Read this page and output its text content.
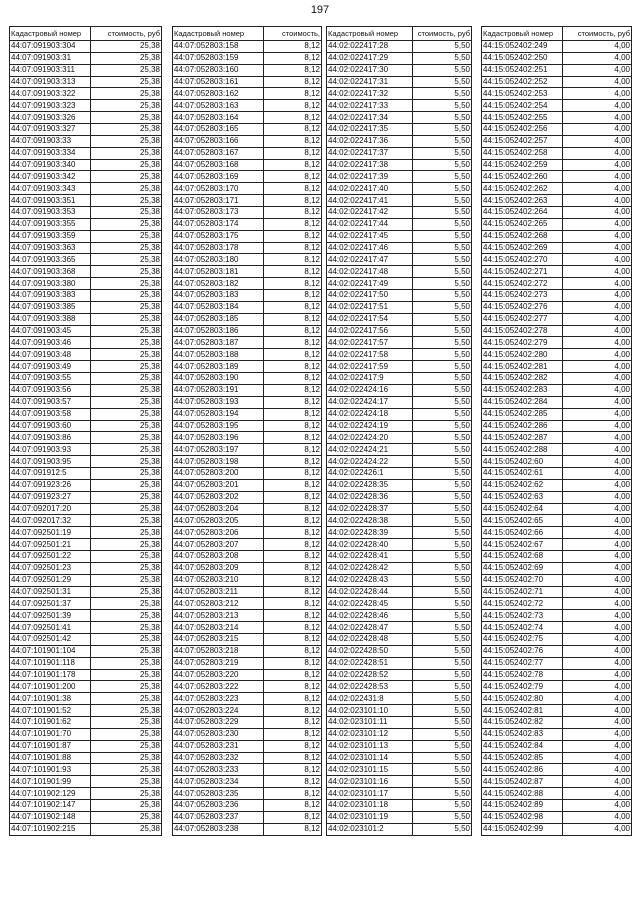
197
Кадастровый номер	стоимость, руб
44:07:091903:304	25,38
44:07:091903:31	25,38
44:07:091903:311	25,38
44:07:091903:313	25,38
44:07:091903:322	25,38
44:07:091903:323	25,38
44:07:091903:326	25,38
44:07:091903:327	25,38
44:07:091903:33	25,38
44:07:091903:334	25,38
44:07:091903:340	25,38
44:07:091903:342	25,38
44:07:091903:343	25,38
44:07:091903:351	25,38
44:07:091903:353	25,38
44:07:091903:355	25,38
44:07:091903:359	25,38
44:07:091903:363	25,38
44:07:091903:365	25,38
44:07:091903:368	25,38
44:07:091903:380	25,38
44:07:091903:383	25,38
44:07:091903:385	25,38
44:07:091903:388	25,38
44:07:091903:45	25,38
44:07:091903:46	25,38
44:07:091903:48	25,38
44:07:091903:49	25,38
44:07:091903:55	25,38
44:07:091903:56	25,38
44:07:091903:57	25,38
44:07:091903:58	25,38
44:07:091903:60	25,38
44:07:091903:86	25,38
44:07:091903:93	25,38
44:07:091903:95	25,38
44:07:091912:5	25,38
44:07:091923:26	25,38
44:07:091923:27	25,38
44:07:092017:20	25,38
44:07:092017:32	25,38
44:07:092501:19	25,38
44:07:092501:21	25,38
44:07:092501:22	25,38
44:07:092501:23	25,38
44:07:092501:29	25,38
44:07:092501:31	25,38
44:07:092501:37	25,38
44:07:092501:39	25,38
44:07:092501:41	25,38
44:07:092501:42	25,38
44:07:101901:104	25,38
44:07:101901:118	25,38
44:07:101901:178	25,38
44:07:101901:200	25,38
44:07:101901:38	25,38
44:07:101901:52	25,38
44:07:101901:62	25,38
44:07:101901:70	25,38
44:07:101901:87	25,38
44:07:101901:88	25,38
44:07:101901:93	25,38
44:07:101901:99	25,38
44:07:101902:129	25,38
44:07:101902:147	25,38
44:07:101902:148	25,38
44:07:101902:215	25,38
Кадастровый номер	стоимость,
44:07:052803:158	8,12
44:07:052803:159	8,12
44:07:052803:160	8,12
44:07:052803:161	8,12
44:07:052803:162	8,12
44:07:052803:163	8,12
44:07:052803:164	8,12
44:07:052803:165	8,12
44:07:052803:166	8,12
44:07:052803:167	8,12
44:07:052803:168	8,12
44:07:052803:169	8,12
44:07:052803:170	8,12
44:07:052803:171	8,12
44:07:052803:173	8,12
44:07:052803:174	8,12
44:07:052803:175	8,12
44:07:052803:178	8,12
44:07:052803:180	8,12
44:07:052803:181	8,12
44:07:052803:182	8,12
44:07:052803:183	8,12
44:07:052803:184	8,12
44:07:052803:185	8,12
44:07:052803:186	8,12
44:07:052803:187	8,12
44:07:052803:188	8,12
44:07:052803:189	8,12
44:07:052803:190	8,12
44:07:052803:191	8,12
44:07:052803:193	8,12
44:07:052803:194	8,12
44:07:052803:195	8,12
44:07:052803:196	8,12
44:07:052803:197	8,12
44:07:052803:198	8,12
44:07:052803:200	8,12
44:07:052803:201	8,12
44:07:052803:202	8,12
44:07:052803:204	8,12
44:07:052803:205	8,12
44:07:052803:206	8,12
44:07:052803:207	8,12
44:07:052803:208	8,12
44:07:052803:209	8,12
44:07:052803:210	8,12
44:07:052803:211	8,12
44:07:052803:212	8,12
44:07:052803:213	8,12
44:07:052803:214	8,12
44:07:052803:215	8,12
44:07:052803:218	8,12
44:07:052803:219	8,12
44:07:052803:220	8,12
44:07:052803:222	8,12
44:07:052803:223	8,12
44:07:052803:224	8,12
44:07:052803:229	8,12
44:07:052803:230	8,12
44:07:052803:231	8,12
44:07:052803:232	8,12
44:07:052803:233	8,12
44:07:052803:234	8,12
44:07:052803:235	8,12
44:07:052803:236	8,12
44:07:052803:237	8,12
44:07:052803:238	8,12
Кадастровый номер	стоимость, руб
44:02:022417:28	5,50
44:02:022417:29	5,50
44:02:022417:30	5,50
44:02:022417:31	5,50
44:02:022417:32	5,50
44:02:022417:33	5,50
44:02:022417:34	5,50
44:02:022417:35	5,50
44:02:022417:36	5,50
44:02:022417:37	5,50
44:02:022417:38	5,50
44:02:022417:39	5,50
44:02:022417:40	5,50
44:02:022417:41	5,50
44:02:022417:42	5,50
44:02:022417:44	5,50
44:02:022417:45	5,50
44:02:022417:46	5,50
44:02:022417:47	5,50
44:02:022417:48	5,50
44:02:022417:49	5,50
44:02:022417:50	5,50
44:02:022417:51	5,50
44:02:022417:54	5,50
44:02:022417:56	5,50
44:02:022417:57	5,50
44:02:022417:58	5,50
44:02:022417:59	5,50
44:02:022417:9	5,50
44:02:022424:16	5,50
44:02:022424:17	5,50
44:02:022424:18	5,50
44:02:022424:19	5,50
44:02:022424:20	5,50
44:02:022424:21	5,50
44:02:022424:22	5,50
44:02:022426:1	5,50
44:02:022428:35	5,50
44:02:022428:36	5,50
44:02:022428:37	5,50
44:02:022428:38	5,50
44:02:022428:39	5,50
44:02:022428:40	5,50
44:02:022428:41	5,50
44:02:022428:42	5,50
44:02:022428:43	5,50
44:02:022428:44	5,50
44:02:022428:45	5,50
44:02:022428:46	5,50
44:02:022428:47	5,50
44:02:022428:48	5,50
44:02:022428:50	5,50
44:02:022428:51	5,50
44:02:022428:52	5,50
44:02:022428:53	5,50
44:02:022431:8	5,50
44:02:023101:10	5,50
44:02:023101:11	5,50
44:02:023101:12	5,50
44:02:023101:13	5,50
44:02:023101:14	5,50
44:02:023101:15	5,50
44:02:023101:16	5,50
44:02:023101:17	5,50
44:02:023101:18	5,50
44:02:023101:19	5,50
44:02:023101:2	5,50
Кадастровый номер	стоимость, руб
44:15:052402:249	4,00
44:15:052402:250	4,00
44:15:052402:251	4,00
44:15:052402:252	4,00
44:15:052402:253	4,00
44:15:052402:254	4,00
44:15:052402:255	4,00
44:15:052402:256	4,00
44:15:052402:257	4,00
44:15:052402:258	4,00
44:15:052402:259	4,00
44:15:052402:260	4,00
44:15:052402:262	4,00
44:15:052402:263	4,00
44:15:052402:264	4,00
44:15:052402:265	4,00
44:15:052402:268	4,00
44:15:052402:269	4,00
44:15:052402:270	4,00
44:15:052402:271	4,00
44:15:052402:272	4,00
44:15:052402:273	4,00
44:15:052402:276	4,00
44:15:052402:277	4,00
44:15:052402:278	4,00
44:15:052402:279	4,00
44:15:052402:280	4,00
44:15:052402:281	4,00
44:15:052402:282	4,00
44:15:052402:283	4,00
44:15:052402:284	4,00
44:15:052402:285	4,00
44:15:052402:286	4,00
44:15:052402:287	4,00
44:15:052402:288	4,00
44:15:052402:60	4,00
44:15:052402:61	4,00
44:15:052402:62	4,00
44:15:052402:63	4,00
44:15:052402:64	4,00
44:15:052402:65	4,00
44:15:052402:66	4,00
44:15:052402:67	4,00
44:15:052402:68	4,00
44:15:052402:69	4,00
44:15:052402:70	4,00
44:15:052402:71	4,00
44:15:052402:72	4,00
44:15:052402:73	4,00
44:15:052402:74	4,00
44:15:052402:75	4,00
44:15:052402:76	4,00
44:15:052402:77	4,00
44:15:052402:78	4,00
44:15:052402:79	4,00
44:15:052402:80	4,00
44:15:052402:81	4,00
44:15:052402:82	4,00
44:15:052402:83	4,00
44:15:052402:84	4,00
44:15:052402:85	4,00
44:15:052402:86	4,00
44:15:052402:87	4,00
44:15:052402:88	4,00
44:15:052402:89	4,00
44:15:052402:98	4,00
44:15:052402:99	4,00
